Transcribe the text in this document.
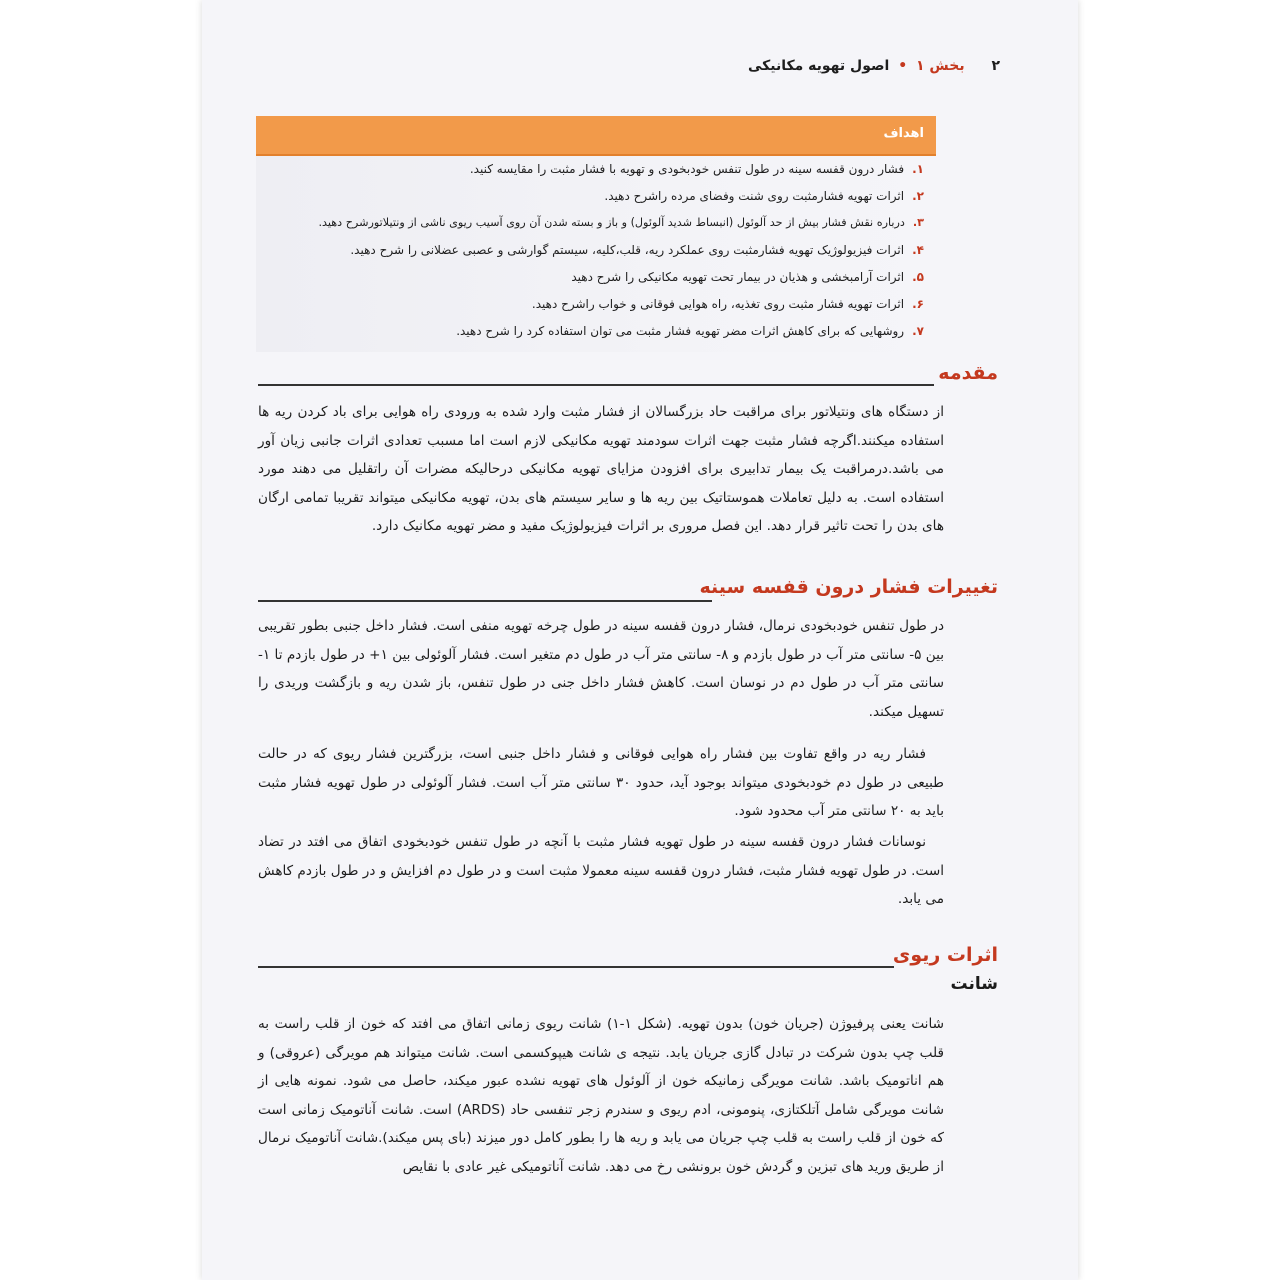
۲ بخش ۱ • اصول تهویه مکانیکی
اهداف
۱.فشار درون قفسه سینه در طول تنفس خودبخودی و تهویه با فشار مثبت را مقایسه کنید.
۲.اثرات تهویه فشارمثبت روی شنت وفضای مرده راشرح دهید.
۳.درباره نقش فشار بیش از حد آلوئول (انبساط شدید آلوئول) و باز و بسته شدن آن روی آسیب ریوی ناشی از ونتیلاتورشرح دهید.
۴.اثرات فیزیولوژیک تهویه فشارمثبت روی عملکرد ریه، قلب،کلیه، سیستم گوارشی و عصبی عضلانی را شرح دهید.
۵.اثرات آرامبخشی و هذیان در بیمار تحت تهویه مکانیکی را شرح دهید
۶.اثرات تهویه فشار مثبت روی تغذیه، راه هوایی فوقانی و خواب راشرح دهید.
۷.روشهایی که برای کاهش اثرات مضر تهویه فشار مثبت می توان استفاده کرد را شرح دهید.
مقدمه
از دستگاه های ونتیلاتور برای مراقبت حاد بزرگسالان از فشار مثبت وارد شده به ورودی راه هوایی برای باد کردن ریه ها استفاده میکنند.اگرچه فشار مثبت جهت اثرات سودمند تهویه مکانیکی لازم است اما مسبب تعدادی اثرات جانبی زیان آور می باشد.درمراقبت یک بیمار تدابیری برای افزودن مزایای تهویه مکانیکی درحالیکه مضرات آن راتقلیل می دهند مورد استفاده است. به دلیل تعاملات هموستاتیک بین ریه ها و سایر سیستم های بدن، تهویه مکانیکی میتواند تقریبا تمامی ارگان های بدن را تحت تاثیر قرار دهد. این فصل مروری بر اثرات فیزیولوژیک مفید و مضر تهویه مکانیک دارد.
تغییرات فشار درون قفسه سینه
در طول تنفس خودبخودی نرمال، فشار درون قفسه سینه در طول چرخه تهویه منفی است. فشار داخل جنبی بطور تقریبی بین ۵- سانتی متر آب در طول بازدم و ۸- سانتی متر آب در طول دم متغیر است. فشار آلوئولی بین ۱+ در طول بازدم تا ۱- سانتی متر آب در طول دم در نوسان است. کاهش فشار داخل جنی در طول تنفس، باز شدن ریه و بازگشت وریدی را تسهیل میکند.
فشار ریه در واقع تفاوت بین فشار راه هوایی فوقانی و فشار داخل جنبی است، بزرگترین فشار ریوی که در حالت طبیعی در طول دم خودبخودی میتواند بوجود آید، حدود ۳۰ سانتی متر آب است. فشار آلوئولی در طول تهویه فشار مثبت باید به ۲۰ سانتی متر آب محدود شود.
نوسانات فشار درون قفسه سینه در طول تهویه فشار مثبت با آنچه در طول تنفس خودبخودی اتفاق می افتد در تضاد است. در طول تهویه فشار مثبت، فشار درون قفسه سینه معمولا مثبت است و در طول دم افزایش و در طول بازدم کاهش می یابد.
اثرات ریوی
شانت
شانت یعنی پرفیوژن (جریان خون) بدون تهویه. (شکل ۱-۱) شانت ریوی زمانی اتفاق می افتد که خون از قلب راست به قلب چپ بدون شرکت در تبادل گازی جریان یابد. نتیجه ی شانت هیپوکسمی است. شانت میتواند هم مویرگی (عروقی) و هم اناتومیک باشد. شانت مویرگی زمانیکه خون از آلوئول های تهویه نشده عبور میکند، حاصل می شود. نمونه هایی از شانت مویرگی شامل آتلکتازی، پنومونی، ادم ریوی و سندرم زجر تنفسی حاد (ARDS) است. شانت آناتومیک زمانی است که خون از قلب راست به قلب چپ جریان می یابد و ریه ها را بطور کامل دور میزند (بای پس میکند).شانت آناتومیک نرمال از طریق ورید های تبزین و گردش خون برونشی رخ می دهد. شانت آناتومیکی غیر عادی با نقایص
